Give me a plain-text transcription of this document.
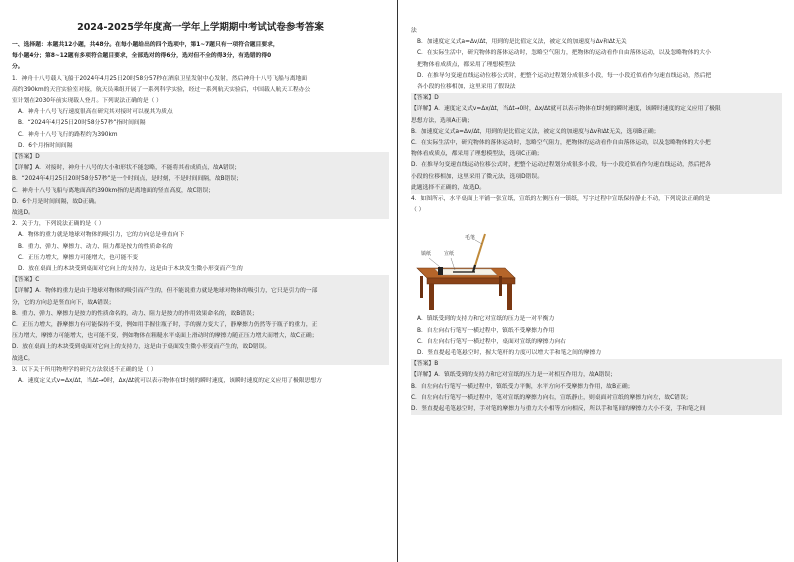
2024-2025学年度高一学年上学期期中考试试卷参考答案

一、选择题：本题共12小题，共48分。在每小题给出的四个选项中，第1~7题只有一项符合题目要求，

每小题4分；第8~12题有多项符合题目要求，全部选对的得6分，选对但不全的得3分，有选错的得0

分。

1．神舟十八号载人飞船于2024年4月25日20时58分57秒在酒泉卫星发射中心发射，然后神舟十八号飞船与离地面

高约390km的天宫实验室对接，航天员乘组开展了一系列科学实验，经过一系列航天实验后，中国载人航天工程办公

室计划在2030年前实现载人登月。下列说法正确的是（ ）

A．神舟十八号飞行速度很高在研究其对接时可以视其为质点

B．“2024年4月25日20时58分57秒”指时间间隔

C．神舟十八号飞行的路程约为390km

D．6个月指时间间隔

【答案】D

【详解】A．对接时，神舟十八号的大小和形状不能忽略，不能将其看成质点，故A错误；

B．“2024年4月25日20时58分57秒”是一个时间点，是时刻，不是时间间隔，故B错误；

C．神舟十八号飞船与离地面高约390km指的是离地面的竖直高度，故C错误；

D．6个月是时间间隔，故D正确。

故选D。

2．关于力，下列说法正确的是（ ）

A．物体的重力就是地球对物体的吸引力，它的方向总是垂直向下

B．重力、弹力、摩擦力、动力、阻力都是按力的性质命名的

C．正压力增大，摩擦力可能增大，也可能不变

D．放在桌面上的木块受到桌面对它向上的支持力，这是由于木块发生微小形变而产生的

【答案】C

【详解】A．物体的重力是由于地球对物体的吸引而产生的，但不能说重力就是地球对物体的吸引力，它只是引力的一部

分，它的方向总是竖直向下，故A错误；

B．重力、弹力、摩擦力是按力的性质命名的，动力、阻力是按力的作用效果命名的，故B错误；

C．正压力增大，静摩擦力有可能保持不变，例如用手握住瓶子时，手的握力变大了，静摩擦力仍然等于瓶子的重力，正

压力增大，摩擦力可能增大，也可能不变，例如物体在粗糙水平桌面上滑动时的摩擦力随正压力增大而增大，故C正确；

D．放在桌面上的木块受到桌面对它向上的支持力，这是由于桌面发生微小形变而产生的，故D错误。

故选C。

3．以下关于所用物理学的研究方法叙述不正确的是（ ）

A．速度定义式v=Δx/Δt，当Δt→0时，Δx/Δt就可以表示物体在t时刻的瞬时速度，该瞬时速度的定义应用了极限思想方

法

B．加速度定义式a=Δv/Δt，用到的是比值定义法，被定义的加速度与Δv和Δt无关

C．在实际生活中，研究物体的落体运动时，忽略空气阻力，把物体的运动看作自由落体运动，以及忽略物体的大小

把物体看成质点，都采用了理想模型法

D．在推导匀变速直线运动位移公式时，把整个运动过程划分成很多小段，每一小段近似看作匀速直线运动，然后把

各小段的位移相加，这里采用了假设法

【答案】D

【详解】A．速度定义式v=Δx/Δt，当Δt→0时，Δx/Δt就可以表示物体在t时刻的瞬时速度，该瞬时速度的定义应用了极限

思想方法，选项A正确；

B．加速度定义式a=Δv/Δt，用到的是比值定义法，被定义的加速度与Δv和Δt无关，选项B正确；

C．在实际生活中，研究物体的落体运动时，忽略空气阻力，把物体的运动看作自由落体运动，以及忽略物体的大小把

物体看成质点，都采用了理想模型法，选项C正确；

D．在推导匀变速直线运动位移公式时，把整个运动过程划分成很多小段，每一小段近似看作匀速直线运动，然后把各

小段的位移相加，这里采用了微元法，选项D错误。

此题选择不正确的，故选D。

4．如图所示，水平桌面上平铺一张宣纸，宣纸的左侧压有一镇纸，写字过程中宣纸保持静止不动，下列说法正确的是

（ ）

镇纸	宣纸
毛笔

A．镇纸受到的支持力和它对宣纸的压力是一对平衡力

B．自左向右行笔写一横过程中，镇纸不受摩擦力作用

C．自左向右行笔写一横过程中，桌面对宣纸的摩擦力向右

D．竖直提起毛笔悬空时，握大笔杆的力度可以增大手和笔之间的摩擦力

【答案】B

【详解】A．镇纸受到的支持力和它对宣纸的压力是一对相互作用力，故A错误；

B．自左向右行笔写一横过程中，镇纸受力平衡，水平方向不受摩擦力作用，故B正确；

C．自左向右行笔写一横过程中，笔对宣纸的摩擦力向右，宣纸静止，则桌面对宣纸的摩擦力向左，故C错误；

D．竖直提起毛笔悬空时，手对笔的摩擦力与重力大小相等方向相反，所以手和笔间的摩擦力大小不变，手和笔之间
